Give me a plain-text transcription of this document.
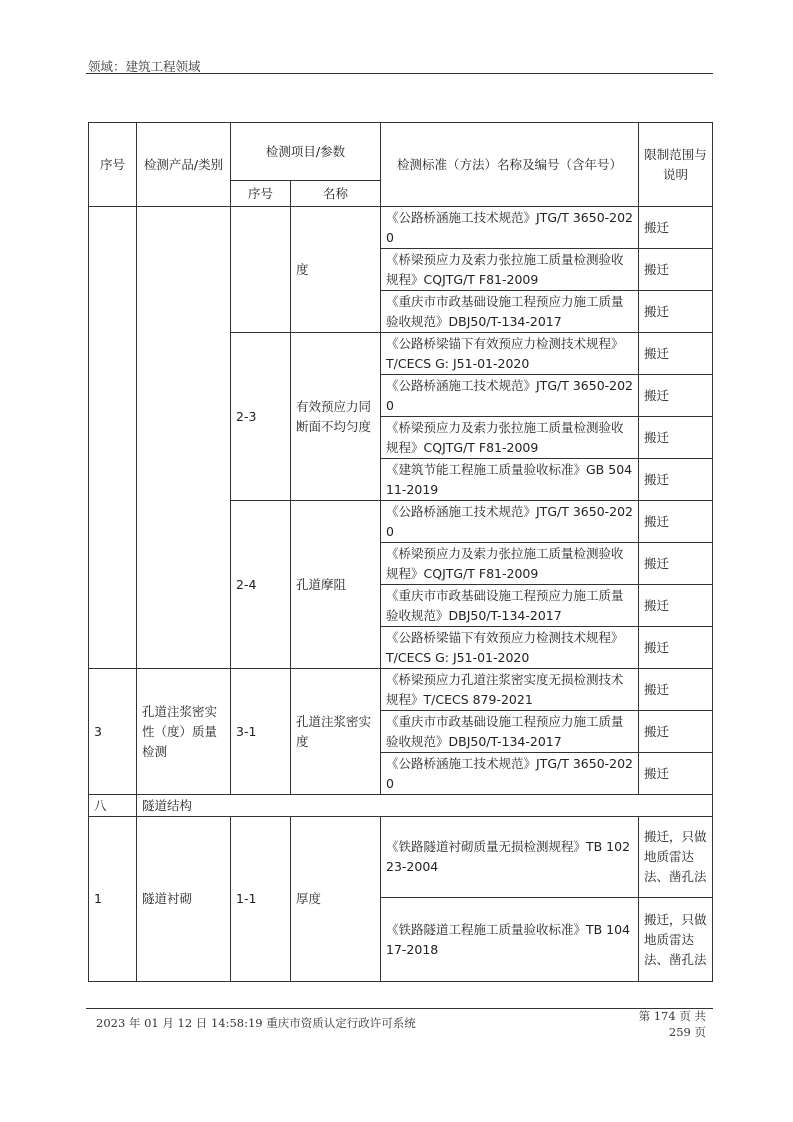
领域：建筑工程领域
序号	检测产品/类别	检测项目/参数		检测标准（方法）名称及编号（含年号）	限制范围与说明
		序号	名称		
			度	《公路桥涵施工技术规范》JTG/T 3650-2020	搬迁
				《桥梁预应力及索力张拉施工质量检测验收规程》CQJTG/T F81-2009	搬迁
				《重庆市市政基础设施工程预应力施工质量验收规范》DBJ50/T-134-2017	搬迁
		2-3	有效预应力同断面不均匀度	《公路桥梁锚下有效预应力检测技术规程》T/CECS G: J51-01-2020	搬迁
				《公路桥涵施工技术规范》JTG/T 3650-2020	搬迁
				《桥梁预应力及索力张拉施工质量检测验收规程》CQJTG/T F81-2009	搬迁
				《建筑节能工程施工质量验收标准》GB 50411-2019	搬迁
		2-4	孔道摩阻	《公路桥涵施工技术规范》JTG/T 3650-2020	搬迁
				《桥梁预应力及索力张拉施工质量检测验收规程》CQJTG/T F81-2009	搬迁
				《重庆市市政基础设施工程预应力施工质量验收规范》DBJ50/T-134-2017	搬迁
				《公路桥梁锚下有效预应力检测技术规程》T/CECS G: J51-01-2020	搬迁
3	孔道注浆密实性（度）质量检测	3-1	孔道注浆密实度	《桥梁预应力孔道注浆密实度无损检测技术规程》T/CECS 879-2021	搬迁
				《重庆市市政基础设施工程预应力施工质量验收规范》DBJ50/T-134-2017	搬迁
				《公路桥涵施工技术规范》JTG/T 3650-2020	搬迁
八	隧道结构				
1	隧道衬砌	1-1	厚度	《铁路隧道衬砌质量无损检测规程》TB 10223-2004	搬迁，只做地质雷达法、凿孔法
				《铁路隧道工程施工质量验收标准》TB 10417-2018	搬迁，只做地质雷达法、凿孔法
2023 年 01 月 12 日 14:58:19 重庆市资质认定行政许可系统	第 174 页 共 259 页
